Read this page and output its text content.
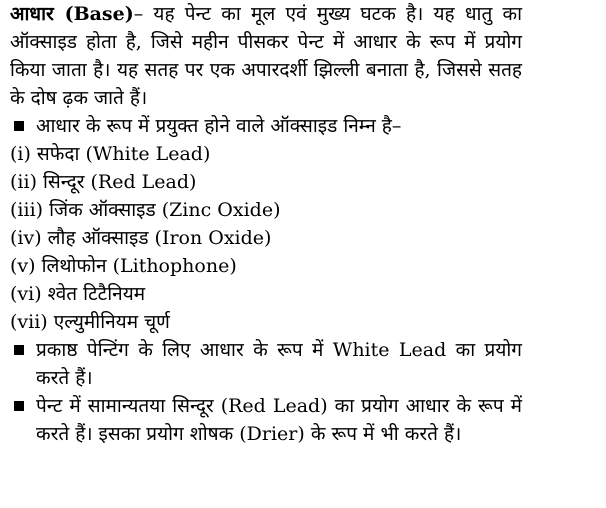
आधार (Base)– यह पेन्ट का मूल एवं मुख्य घटक है। यह धातु का ऑक्साइड होता है, जिसे महीन पीसकर पेन्ट में आधार के रूप में प्रयोग किया जाता है। यह सतह पर एक अपारदर्शी झिल्ली बनाता है, जिससे सतह के दोष ढ़क जाते हैं।

आधार के रूप में प्रयुक्त होने वाले ऑक्साइड निम्न है–

(i) सफेदा (White Lead)

(ii) सिन्दूर (Red Lead)

(iii) जिंक ऑक्साइड (Zinc Oxide)

(iv) लौह ऑक्साइड (Iron Oxide)

(v) लिथोफोन (Lithophone)

(vi) श्वेत टिटैनियम

(vii) एल्युमीनियम चूर्ण

प्रकाष्ठ पेन्टिंग के लिए आधार के रूप में White Lead का प्रयोग करते हैं।

पेन्ट में सामान्यतया सिन्दूर (Red Lead) का प्रयोग आधार के रूप में करते हैं। इसका प्रयोग शोषक (Drier) के रूप में भी करते हैं।
